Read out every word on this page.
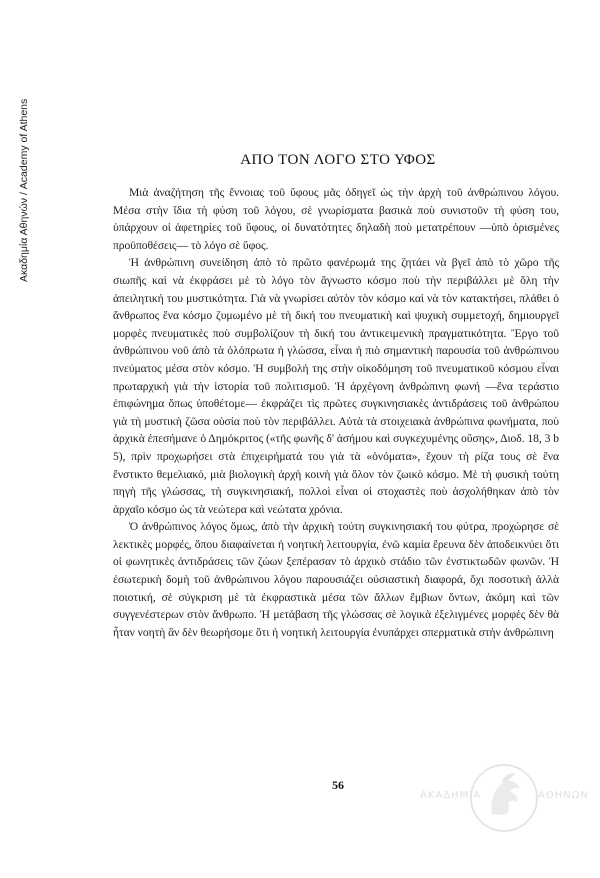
Ακαδημία Αθηνών / Academy of Athens	ΑΠΟ ΤΟΝ ΛΟΓΟ ΣΤΟ ΥΦΟΣ

Μιὰ ἀναζήτηση τῆς ἔννοιας τοῦ ὕφους μᾶς ὁδηγεῖ ὡς τὴν ἀρχὴ τοῦ ἀνθρώπινου λόγου. Μέσα στὴν ἴδια τὴ φύση τοῦ λόγου, σὲ γνωρίσματα βασικὰ ποὺ συνιστοῦν τὴ φύση του, ὑπάρχουν οἱ ἀφετηρίες τοῦ ὕφους, οἱ δυνατότητες δηλαδὴ ποὺ μετατρέπουν —ὑπὸ ὁρισμένες προϋποθέσεις— τὸ λόγο σὲ ὕφος.

Ἡ ἀνθρώπινη συνείδηση ἀπὸ τὸ πρῶτο φανέρωμά της ζητάει νὰ βγεῖ ἀπὸ τὸ χῶρο τῆς σιωπῆς καὶ νὰ ἐκφράσει μὲ τὸ λόγο τὸν ἄγνωστο κόσμο ποὺ τὴν περιβάλλει μὲ ὅλη τὴν ἀπειλητική του μυστικότητα. Γιὰ νὰ γνωρίσει αὐτὸν τὸν κόσμο καὶ νὰ τὸν κατακτήσει, πλάθει ὁ ἄνθρωπος ἕνα κόσμο ζυμωμένο μὲ τὴ δική του πνευματικὴ καὶ ψυχικὴ συμμετοχή, δημιουργεῖ μορφὲς πνευματικὲς ποὺ συμβολίζουν τὴ δική του ἀντικειμενικὴ πραγματικότητα. Ἔργο τοῦ ἀνθρώπινου νοῦ ἀπὸ τὰ ὁλόπρωτα ἡ γλώσσα, εἶναι ἡ πιὸ σημαντικὴ παρουσία τοῦ ἀνθρώπινου πνεύματος μέσα στὸν κόσμο. Ἡ συμβολή της στὴν οἰκοδόμηση τοῦ πνευματικοῦ κόσμου εἶναι πρωταρχικὴ γιὰ τὴν ἱστορία τοῦ πολιτισμοῦ. Ἡ ἀρχέγονη ἀνθρώπινη φωνή —ἕνα τεράστιο ἐπιφώνημα ὅπως ὑποθέτομε— ἐκφράζει τὶς πρῶτες συγκινησιακὲς ἀντιδράσεις τοῦ ἀνθρώπου γιὰ τὴ μυστικὴ ζῶσα οὐσία ποὺ τὸν περιβάλλει. Αὐτὰ τὰ στοιχειακὰ ἀνθρώπινα φωνήματα, ποὺ ἀρχικὰ ἐπεσήμανε ὁ Δημόκριτος («τῆς φωνῆς δ' ἀσήμου καὶ συγκεχυμένης οὔσης», Διοδ. 18, 3 b 5), πρὶν προχωρήσει στὰ ἐπιχειρήματά του γιὰ τὰ «ὀνόματα», ἔχουν τὴ ρίζα τους σὲ ἕνα ἔνστικτο θεμελιακό, μιὰ βιολογικὴ ἀρχὴ κοινὴ γιὰ ὅλον τὸν ζωικὸ κόσμο. Μὲ τὴ φυσικὴ τούτη πηγὴ τῆς γλώσσας, τὴ συγκινησιακή, πολλοὶ εἶναι οἱ στοχαστὲς ποὺ ἀσχολήθηκαν ἀπὸ τὸν ἀρχαῖο κόσμο ὡς τὰ νεώτερα καὶ νεώτατα χρόνια.

Ὁ ἀνθρώπινος λόγος ὅμως, ἀπὸ τὴν ἀρχικὴ τούτη συγκινησιακή του φύτρα, προχώρησε σὲ λεκτικὲς μορφές, ὅπου διαφαίνεται ἡ νοητικὴ λειτουργία, ἐνῶ καμία ἔρευνα δὲν ἀποδεικνύει ὅτι οἱ φωνητικὲς ἀντιδράσεις τῶν ζώων ξεπέρασαν τὸ ἀρχικὸ στάδιο τῶν ἐνστικτωδῶν φωνῶν. Ἡ ἐσωτερικὴ δομὴ τοῦ ἀνθρώπινου λόγου παρουσιάζει οὐσιαστικὴ διαφορά, ὄχι ποσοτικὴ ἀλλὰ ποιοτική, σὲ σύγκριση μὲ τὰ ἐκφραστικὰ μέσα τῶν ἄλλων ἔμβιων ὄντων, ἀκόμη καὶ τῶν συγγενέστερων στὸν ἄνθρωπο. Ἡ μετάβαση τῆς γλώσσας σὲ λογικὰ ἐξελιγμένες μορφὲς δὲν θὰ ἦταν νοητὴ ἂν δὲν θεωρήσομε ὅτι ἡ νοητικὴ λειτουργία ἐνυπάρχει σπερματικὰ στὴν ἀνθρώπινη

56
ΑΚΑΔΗΜΙΑ	ΑΘΗΝΩΝ
